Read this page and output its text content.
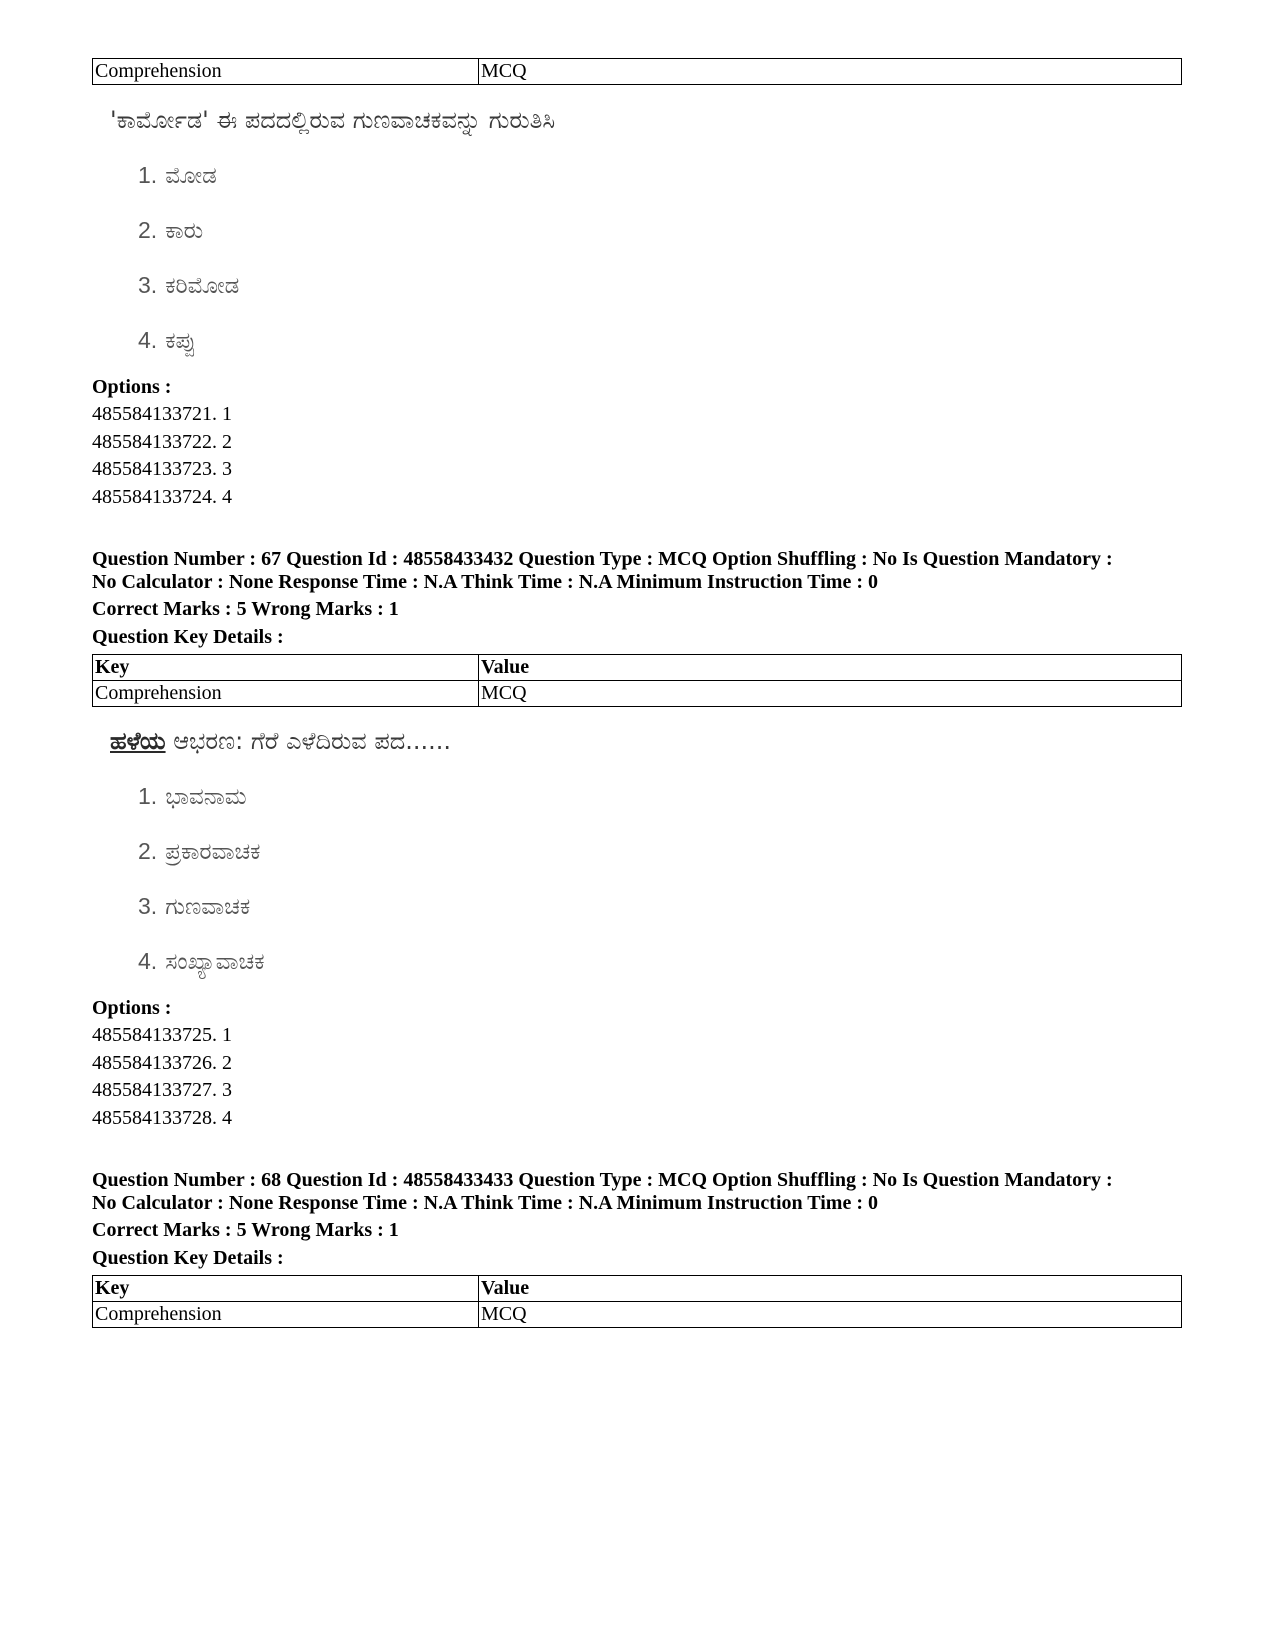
Comprehension	MCQ
'ಕಾರ್ಮೋಡ' ಈ ಪದದಲ್ಲಿರುವ ಗುಣವಾಚಕವನ್ನು ಗುರುತಿಸಿ
1. ಮೋಡ
2. ಕಾರು
3. ಕರಿಮೋಡ
4. ಕಪ್ಪು
Options :
485584133721. 1
485584133722. 2
485584133723. 3
485584133724. 4
Question Number : 67 Question Id : 48558433432 Question Type : MCQ Option Shuffling : No Is Question Mandatory :
No Calculator : None Response Time : N.A Think Time : N.A Minimum Instruction Time : 0
Correct Marks : 5 Wrong Marks : 1
Question Key Details :
Key	Value
Comprehension	MCQ
ಹಳೆಯ ಆಭರಣ: ಗೆರೆ ಎಳೆದಿರುವ ಪದ......
1. ಭಾವನಾಮ
2. ಪ್ರಕಾರವಾಚಕ
3. ಗುಣವಾಚಕ
4. ಸಂಖ್ಯಾವಾಚಕ
Options :
485584133725. 1
485584133726. 2
485584133727. 3
485584133728. 4
Question Number : 68 Question Id : 48558433433 Question Type : MCQ Option Shuffling : No Is Question Mandatory :
No Calculator : None Response Time : N.A Think Time : N.A Minimum Instruction Time : 0
Correct Marks : 5 Wrong Marks : 1
Question Key Details :
Key	Value
Comprehension	MCQ
